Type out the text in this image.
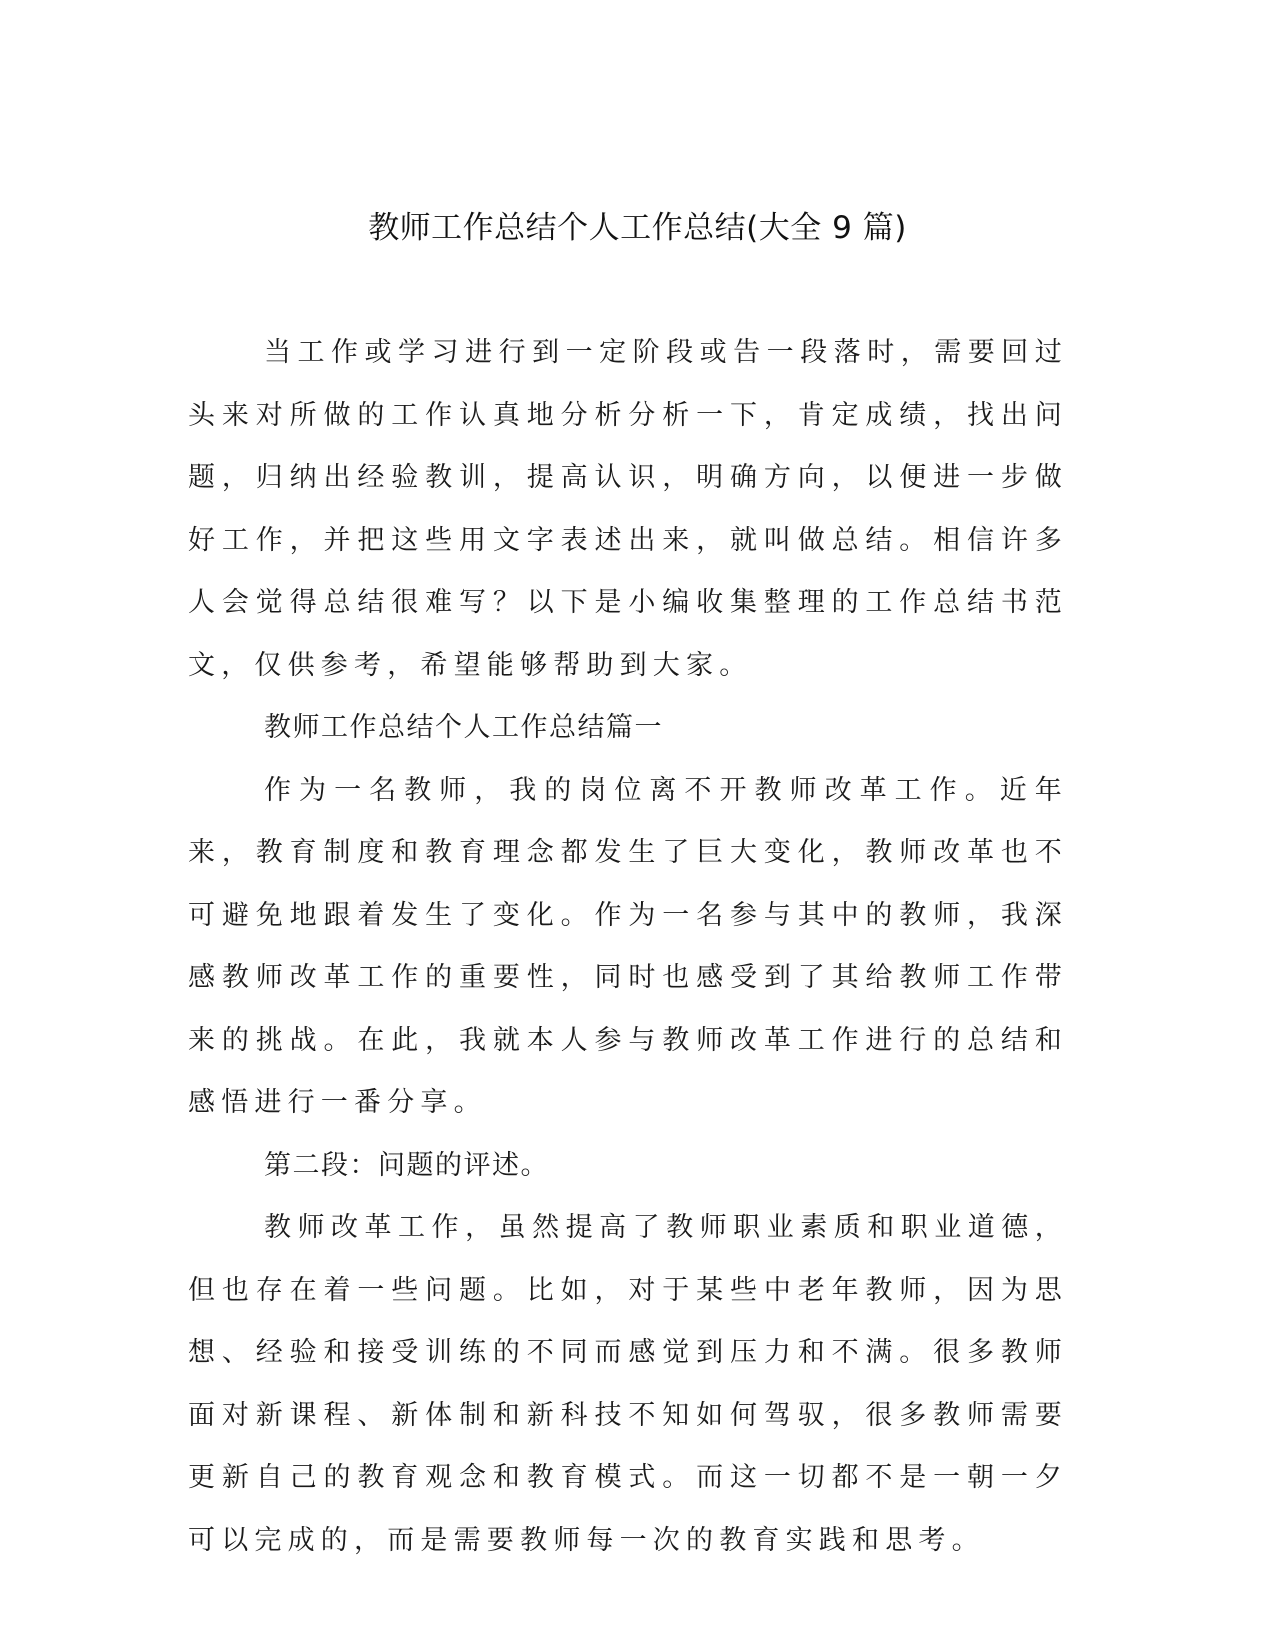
教师工作总结个人工作总结(大全 9 篇)

当工作或学习进行到一定阶段或告一段落时，需要回过头来对所做的工作认真地分析分析一下，肯定成绩，找出问题，归纳出经验教训，提高认识，明确方向，以便进一步做好工作，并把这些用文字表述出来，就叫做总结。相信许多人会觉得总结很难写？以下是小编收集整理的工作总结书范文，仅供参考，希望能够帮助到大家。

教师工作总结个人工作总结篇一

作为一名教师，我的岗位离不开教师改革工作。近年来，教育制度和教育理念都发生了巨大变化，教师改革也不可避免地跟着发生了变化。作为一名参与其中的教师，我深感教师改革工作的重要性，同时也感受到了其给教师工作带来的挑战。在此，我就本人参与教师改革工作进行的总结和感悟进行一番分享。

第二段：问题的评述。

教师改革工作，虽然提高了教师职业素质和职业道德，但也存在着一些问题。比如，对于某些中老年教师，因为思想、经验和接受训练的不同而感觉到压力和不满。很多教师面对新课程、新体制和新科技不知如何驾驭，很多教师需要更新自己的教育观念和教育模式。而这一切都不是一朝一夕可以完成的，而是需要教师每一次的教育实践和思考。
